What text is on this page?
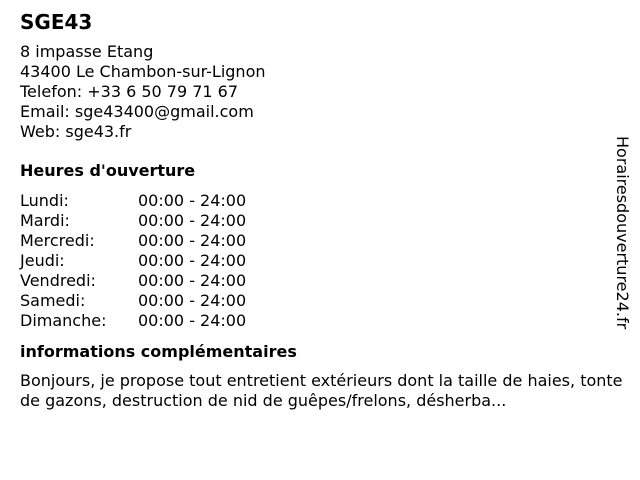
SGE43
8 impasse Etang
43400 Le Chambon-sur-Lignon
Telefon: +33 6 50 79 71 67
Email: sge43400@gmail.com
Web: sge43.fr
Heures d'ouverture
Lundi:	00:00 - 24:00
Mardi:	00:00 - 24:00
Mercredi:	00:00 - 24:00
Jeudi:	00:00 - 24:00
Vendredi:	00:00 - 24:00
Samedi:	00:00 - 24:00
Dimanche:	00:00 - 24:00
informations complémentaires
Bonjours, je propose tout entretient extérieurs dont la taille de haies, tonte de gazons, destruction de nid de guêpes/frelons, désherba...
Horairesdouverture24.fr
